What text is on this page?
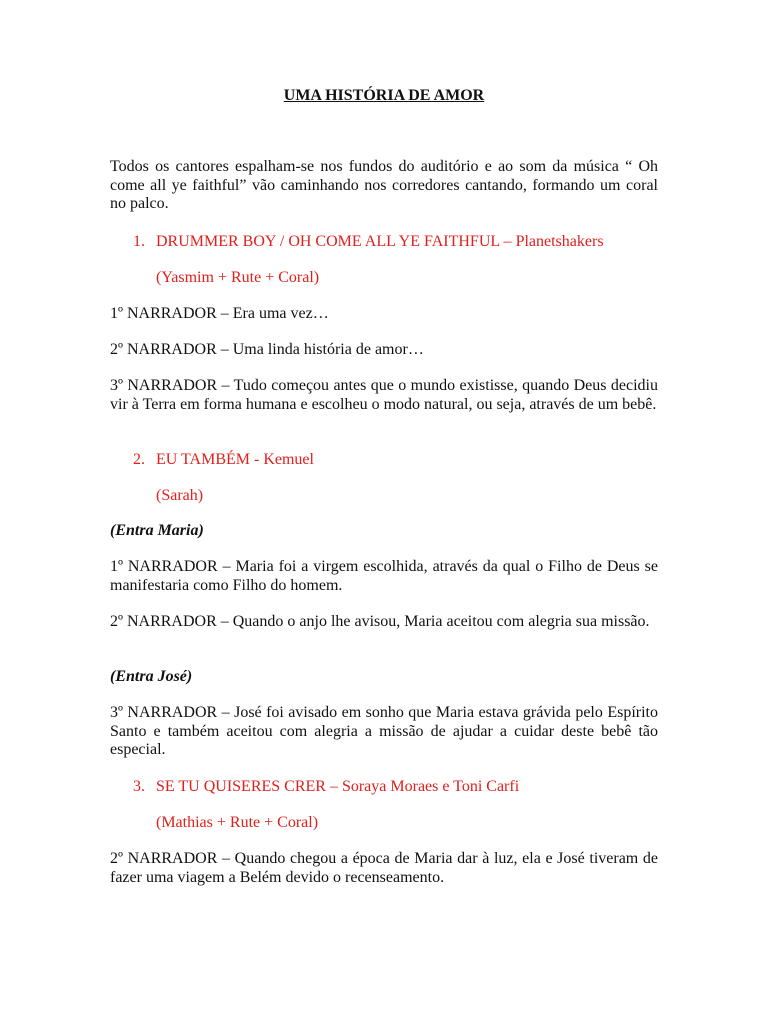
UMA HISTÓRIA DE AMOR

Todos os cantores espalham-se nos fundos do auditório e ao som da música “ Oh come all ye faithful” vão caminhando nos corredores cantando, formando um coral no palco.

1. DRUMMER BOY / OH COME ALL YE FAITHFUL – Planetshakers

(Yasmim + Rute + Coral)

1º NARRADOR – Era uma vez…

2º NARRADOR – Uma linda história de amor…

3º NARRADOR – Tudo começou antes que o mundo existisse, quando Deus decidiu vir à Terra em forma humana e escolheu o modo natural, ou seja, através de um bebê.

2. EU TAMBÉM - Kemuel

(Sarah)

(Entra Maria)

1º NARRADOR – Maria foi a virgem escolhida, através da qual o Filho de Deus se manifestaria como Filho do homem.

2º NARRADOR – Quando o anjo lhe avisou, Maria aceitou com alegria sua missão.

(Entra José)

3º NARRADOR – José foi avisado em sonho que Maria estava grávida pelo Espírito Santo e também aceitou com alegria a missão de ajudar a cuidar deste bebê tão especial.

3. SE TU QUISERES CRER – Soraya Moraes e Toni Carfi

(Mathias + Rute + Coral)

2º NARRADOR – Quando chegou a época de Maria dar à luz, ela e José tiveram de fazer uma viagem a Belém devido o recenseamento.
